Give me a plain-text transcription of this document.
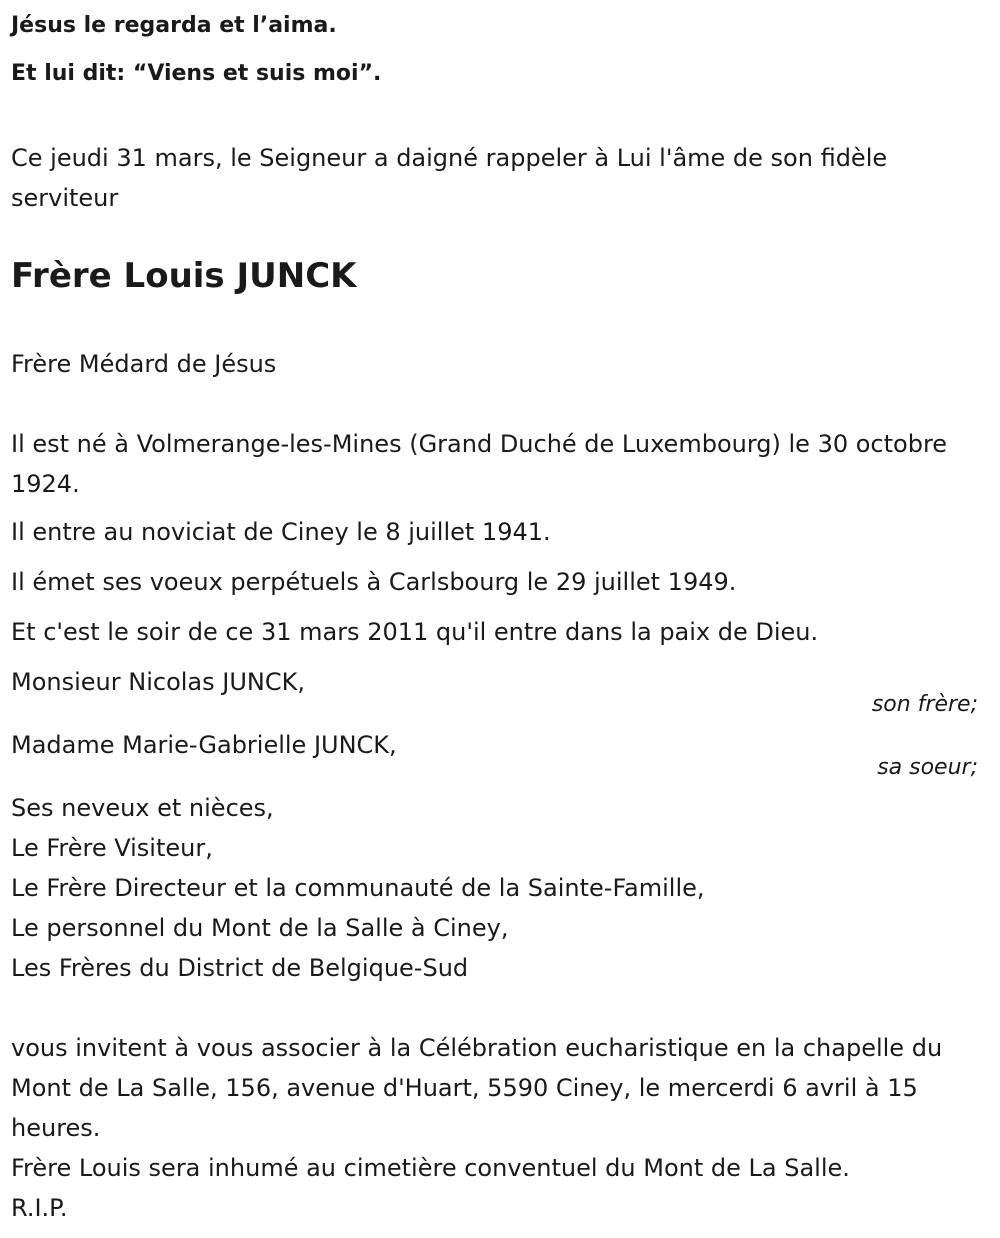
Jésus le regarda et l’aima.

Et lui dit: “Viens et suis moi”.

Ce jeudi 31 mars, le Seigneur a daigné rappeler à Lui l'âme de son fidèle serviteur

Frère Louis JUNCK

Frère Médard de Jésus

Il est né à Volmerange-les-Mines (Grand Duché de Luxembourg) le 30 octobre 1924.

Il entre au noviciat de Ciney le 8 juillet 1941.

Il émet ses voeux perpétuels à Carlsbourg le 29 juillet 1949.

Et c'est le soir de ce 31 mars 2011 qu'il entre dans la paix de Dieu.

Monsieur Nicolas JUNCK,

son frère;

Madame Marie-Gabrielle JUNCK,

sa soeur;

Ses neveux et nièces,
Le Frère Visiteur,
Le Frère Directeur et la communauté de la Sainte-Famille,
Le personnel du Mont de la Salle à Ciney,
Les Frères du District de Belgique-Sud

vous invitent à vous associer à la Célébration eucharistique en la chapelle du Mont de La Salle, 156, avenue d'Huart, 5590 Ciney, le mercerdi 6 avril à 15 heures.
Frère Louis sera inhumé au cimetière conventuel du Mont de La Salle.
R.I.P.
